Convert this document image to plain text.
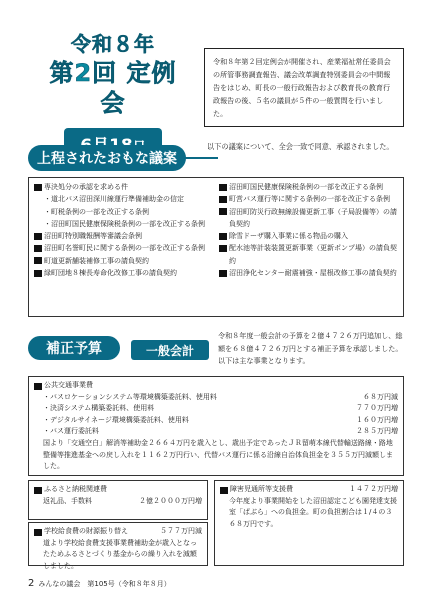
令和８年
第2回 定例会
令和８年第２回定例会が開催され、産業福祉常任委員会の所管事務調査報告、議会改革調査特別委員会の中間報告をはじめ、町長の一般行政報告および教育長の教育行政報告の後、５名の議員が５件の一般質問を行いました。
上程されたおもな議案
以下の議案について、全会一致で同意、承認されました。
専決処分の承認を求める件
・道北バス沼田深川線運行準備補助金の信定
・町税条例の一部を改正する条例
・沼田町国民健康保険税条例の一部を改正する条例
沼田町特別職報酬等審議会条例
沼田町名誉町民に関する条例の一部を改正する条例
町道更新舗装補修工事の請負契約
緑町団地８棟長寿命化改修工事の請負契約
沼田町国民健康保険税条例の一部を改正する条例
町営バス運行等に関する条例の一部を改正する条例
沼田町防災行政無線設備更新工事（子局設備等）の請負契約
除雪ドーザ購入事業に係る物品の購入
配水池等計装装置更新事業（更新ポンプ場）の請負契約
沼田浄化センター耐震補強・屋根改修工事の請負契約
補正予算	一般会計
令和８年度一般会計の予算を２億４７２６万円追加し、総額を６８億４７２６万円とする補正予算を承認しました。以下は主な事業となります。
公共交通事業費
・バスロケーションシステム等環境構築委託料、使用料	６８万円減
・決済システム構築委託料、使用料	７７０万円増
・デジタルサイネージ環境構築委託料、使用料	１６０万円増
・バス運行委託料	２８５万円増
国より「交通空白」解消等補助金２６６４万円を歳入とし、歳出予定であったＪＲ留萌本線代替輸送路線・路地整備等推進基金への戻し入れを１１６２万円行い、代替バス運行に係る沿線自治体負担金を３５５万円減額しました。
ふるさと納税関連費
返礼品、手数料	２億２０００万円増
学校給食費の財源振り替え	５７７万円減
道より学校給食費支援事業費補助金が歳入となったためふるさとづくり基金からの繰り入れを減額しました。
障害児通所等支援費	１４７２万円増
今年度より事業開始をした沼田認定こども園発達支援室「ぱぶら」への負担金。町の負担割合は１/４の３６８万円です。
2 みんなの議会　第105号（令和８年８月）
